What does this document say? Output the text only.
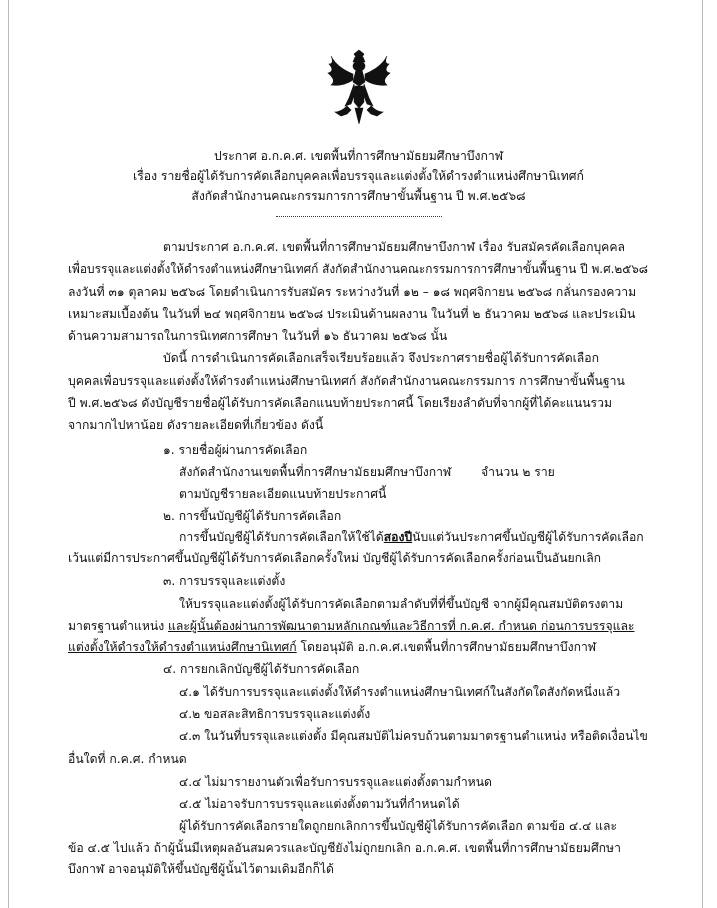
ประกาศ อ.ก.ค.ศ. เขตพื้นที่การศึกษามัธยมศึกษาบึงกาฬ
เรื่อง รายชื่อผู้ได้รับการคัดเลือกบุคคลเพื่อบรรจุและแต่งตั้งให้ดำรงตำแหน่งศึกษานิเทศก์
สังกัดสำนักงานคณะกรรมการการศึกษาขั้นพื้นฐาน ปี พ.ศ.๒๕๖๘
ตามประกาศ อ.ก.ค.ศ. เขตพื้นที่การศึกษามัธยมศึกษาบึงกาฬ เรื่อง รับสมัครคัดเลือกบุคคล
เพื่อบรรจุและแต่งตั้งให้ดำรงตำแหน่งศึกษานิเทศก์ สังกัดสำนักงานคณะกรรมการการศึกษาขั้นพื้นฐาน ปี พ.ศ.๒๕๖๘
ลงวันที่ ๓๑ ตุลาคม ๒๕๖๘ โดยดำเนินการรับสมัคร ระหว่างวันที่ ๑๒ – ๑๘ พฤศจิกายน ๒๕๖๘ กลั่นกรองความ
เหมาะสมเบื้องต้น ในวันที่ ๒๔ พฤศจิกายน ๒๕๖๘ ประเมินด้านผลงาน ในวันที่ ๒ ธันวาคม ๒๕๖๘ และประเมิน
ด้านความสามารถในการนิเทศการศึกษา ในวันที่ ๑๖ ธันวาคม ๒๕๖๘ นั้น
บัดนี้ การดำเนินการคัดเลือกเสร็จเรียบร้อยแล้ว จึงประกาศรายชื่อผู้ได้รับการคัดเลือก
บุคคลเพื่อบรรจุและแต่งตั้งให้ดำรงตำแหน่งศึกษานิเทศก์ สังกัดสำนักงานคณะกรรมการ การศึกษาขั้นพื้นฐาน
ปี พ.ศ.๒๕๖๘ ดังบัญชีรายชื่อผู้ได้รับการคัดเลือกแนบท้ายประกาศนี้ โดยเรียงลำดับที่จากผู้ที่ได้คะแนนรวม
จากมากไปหาน้อย ดังรายละเอียดที่เกี่ยวข้อง ดังนี้
๑. รายชื่อผู้ผ่านการคัดเลือก
สังกัดสำนักงานเขตพื้นที่การศึกษามัธยมศึกษาบึงกาฬ จำนวน ๒ ราย
ตามบัญชีรายละเอียดแนบท้ายประกาศนี้
๒. การขึ้นบัญชีผู้ได้รับการคัดเลือก
การขึ้นบัญชีผู้ได้รับการคัดเลือกให้ใช้ได้สองปีนับแต่วันประกาศขึ้นบัญชีผู้ได้รับการคัดเลือก
เว้นแต่มีการประกาศขึ้นบัญชีผู้ได้รับการคัดเลือกครั้งใหม่ บัญชีผู้ได้รับการคัดเลือกครั้งก่อนเป็นอันยกเลิก
๓. การบรรจุและแต่งตั้ง
ให้บรรจุและแต่งตั้งผู้ได้รับการคัดเลือกตามลำดับที่ที่ขึ้นบัญชี จากผู้มีคุณสมบัติตรงตาม
มาตรฐานตำแหน่ง และผู้นั้นต้องผ่านการพัฒนาตามหลักเกณฑ์และวิธีการที่ ก.ค.ศ. กำหนด ก่อนการบรรจุและ
แต่งตั้งให้ดำรงให้ดำรงตำแหน่งศึกษานิเทศก์ โดยอนุมัติ อ.ก.ค.ศ.เขตพื้นที่การศึกษามัธยมศึกษาบึงกาฬ
๔. การยกเลิกบัญชีผู้ได้รับการคัดเลือก
๔.๑ ได้รับการบรรจุและแต่งตั้งให้ดำรงตำแหน่งศึกษานิเทศก์ในสังกัดใดสังกัดหนึ่งแล้ว
๔.๒ ขอสละสิทธิการบรรจุและแต่งตั้ง
๔.๓ ในวันที่บรรจุและแต่งตั้ง มีคุณสมบัติไม่ครบถ้วนตามมาตรฐานตำแหน่ง หรือติดเงื่อนไข
อื่นใดที่ ก.ค.ศ. กำหนด
๔.๔ ไม่มารายงานตัวเพื่อรับการบรรจุและแต่งตั้งตามกำหนด
๔.๕ ไม่อาจรับการบรรจุและแต่งตั้งตามวันที่กำหนดได้
ผู้ได้รับการคัดเลือกรายใดถูกยกเลิกการขึ้นบัญชีผู้ได้รับการคัดเลือก ตามข้อ ๔.๔ และ
ข้อ ๔.๕ ไปแล้ว ถ้าผู้นั้นมีเหตุผลอันสมควรและบัญชียังไม่ถูกยกเลิก อ.ก.ค.ศ. เขตพื้นที่การศึกษามัธยมศึกษา
บึงกาฬ อาจอนุมัติให้ขึ้นบัญชีผู้นั้นไว้ตามเดิมอีกก็ได้
